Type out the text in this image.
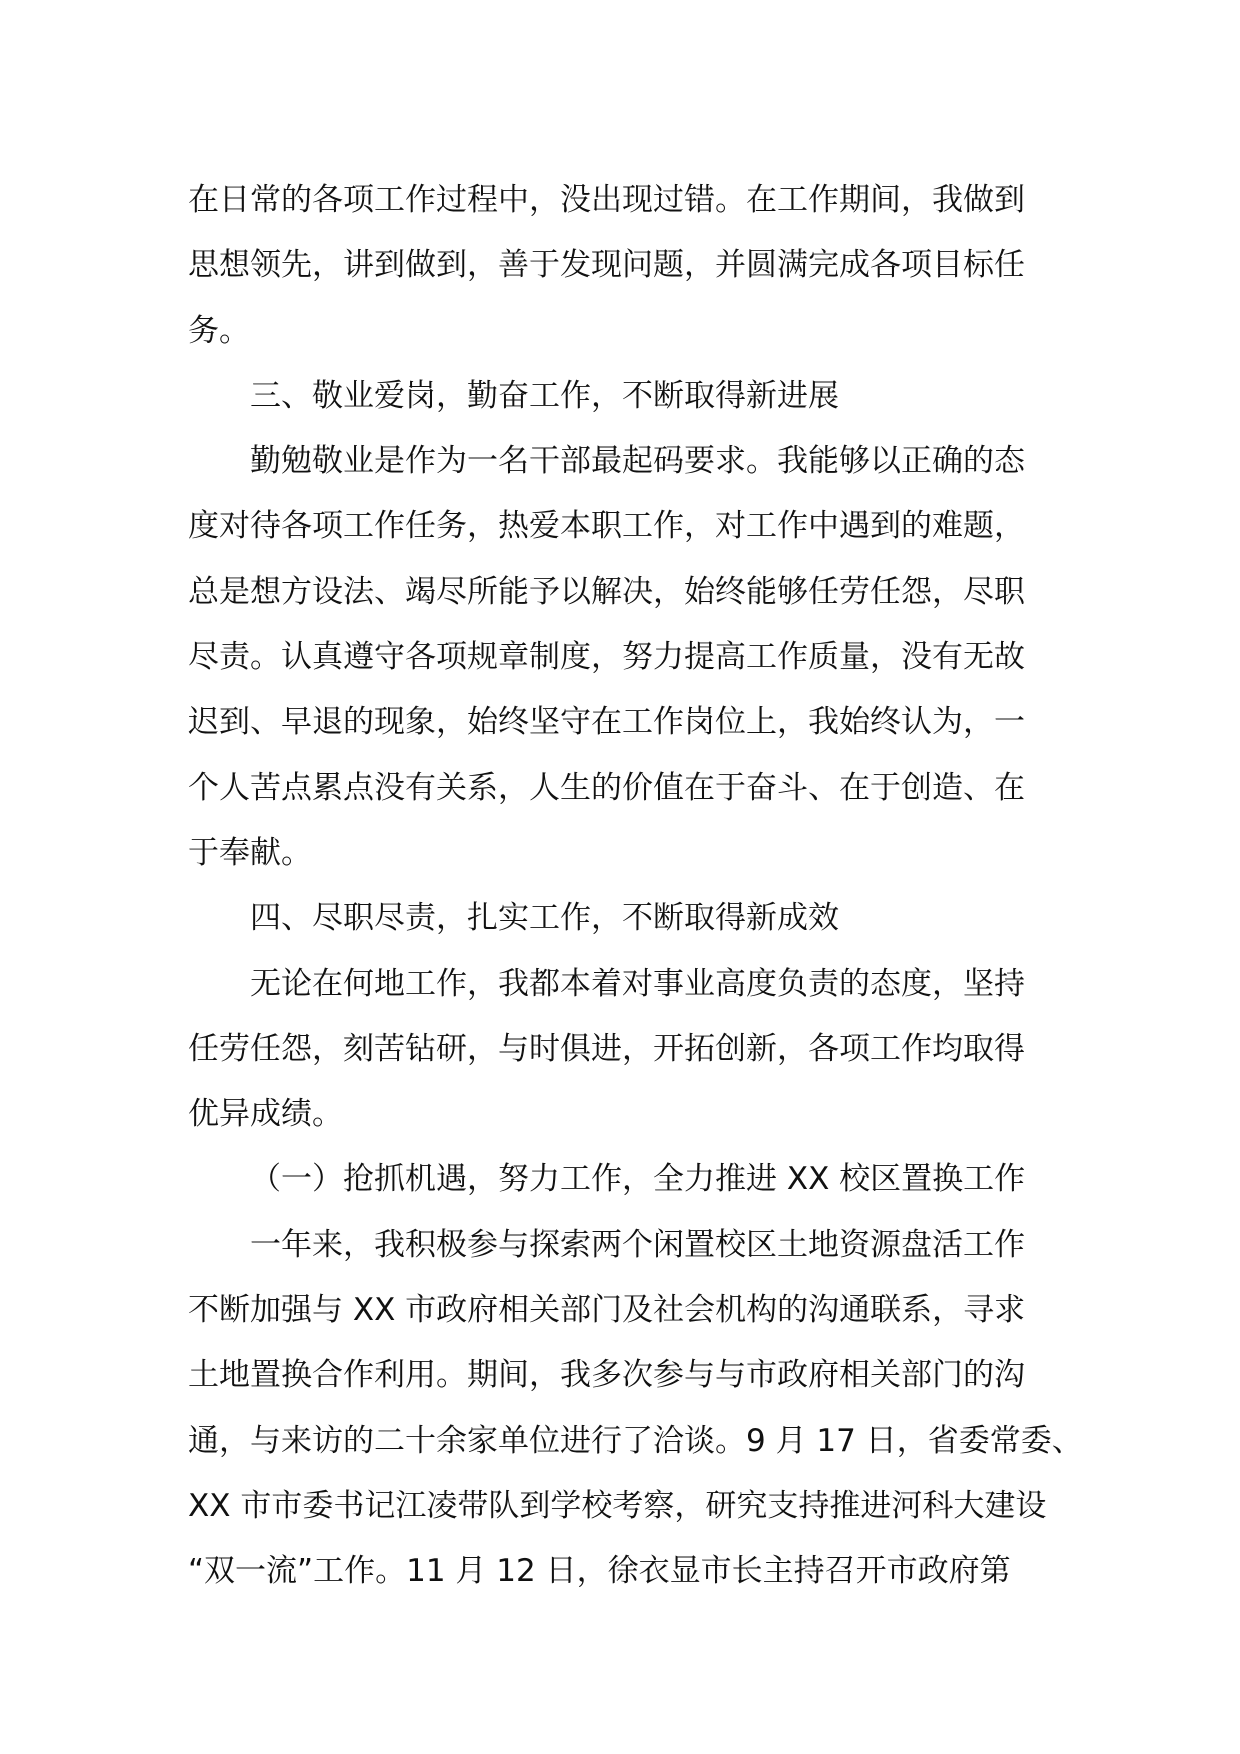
在日常的各项工作过程中，没出现过错。在工作期间，我做到
思想领先，讲到做到，善于发现问题，并圆满完成各项目标任
务。
三、敬业爱岗，勤奋工作，不断取得新进展
勤勉敬业是作为一名干部最起码要求。我能够以正确的态
度对待各项工作任务，热爱本职工作，对工作中遇到的难题，
总是想方设法、竭尽所能予以解决，始终能够任劳任怨，尽职
尽责。认真遵守各项规章制度，努力提高工作质量，没有无故
迟到、早退的现象，始终坚守在工作岗位上，我始终认为，一
个人苦点累点没有关系，人生的价值在于奋斗、在于创造、在
于奉献。
四、尽职尽责，扎实工作，不断取得新成效
无论在何地工作，我都本着对事业高度负责的态度，坚持
任劳任怨，刻苦钻研，与时俱进，开拓创新，各项工作均取得
优异成绩。
（一）抢抓机遇，努力工作，全力推进 XX 校区置换工作
一年来，我积极参与探索两个闲置校区土地资源盘活工作
不断加强与 XX 市政府相关部门及社会机构的沟通联系，寻求
土地置换合作利用。期间，我多次参与与市政府相关部门的沟
通，与来访的二十余家单位进行了洽谈。9 月 17 日，省委常委、
XX 市市委书记江凌带队到学校考察，研究支持推进河科大建设
“双一流”工作。11 月 12 日，徐衣显市长主持召开市政府第
